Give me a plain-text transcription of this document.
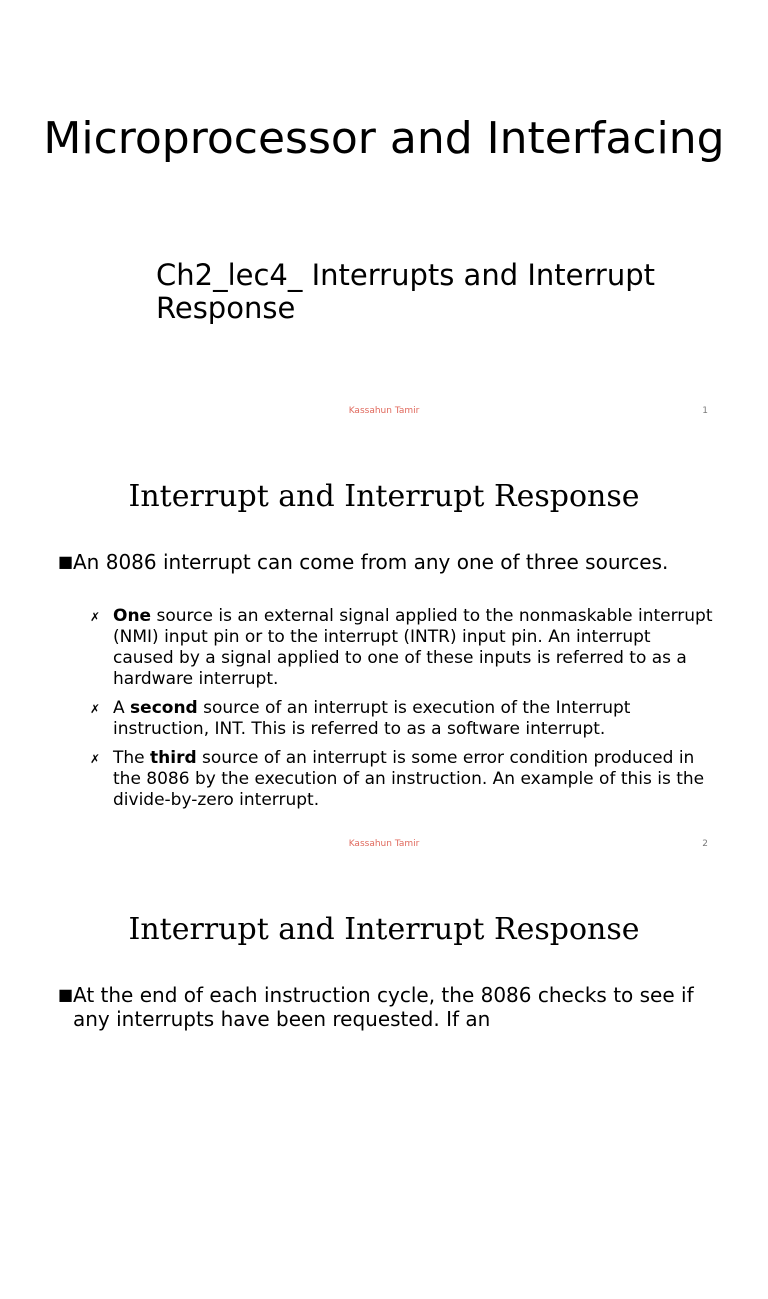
Microprocessor and Interfacing
Ch2_lec4_ Interrupts and Interrupt Response
Kassahun Tamir	1
Interrupt and Interrupt Response
■ An 8086 interrupt can come from any one of three sources.
✗ One source is an external signal applied to the nonmaskable interrupt (NMI) input pin or to the interrupt (INTR) input pin. An interrupt caused by a signal applied to one of these inputs is referred to as a hardware interrupt.
✗ A second source of an interrupt is execution of the Interrupt instruction, INT. This is referred to as a software interrupt.
✗ The third source of an interrupt is some error condition produced in the 8086 by the execution of an instruction. An example of this is the divide-by-zero interrupt.
Kassahun Tamir	2
Interrupt and Interrupt Response
■ At the end of each instruction cycle, the 8086 checks to see if any interrupts have been requested. If an
